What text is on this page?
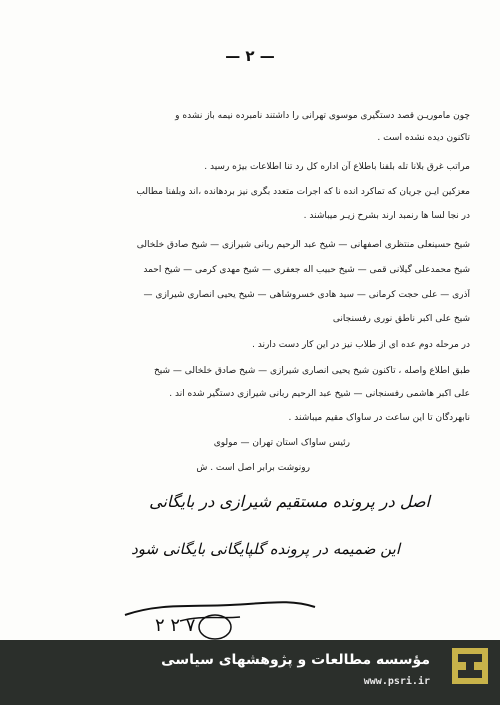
— ۲ —
چون ماموریـن قصد دستگیری موسوی تهرانی را داشتند نامبرده نیمه باز نشده و
تاکنون دیده نشده است .
مراتب غرق بلانا تله بلفنا باطلاع آن اداره کل رد تنا اطلاعات بیژه رسید .
معزکین ایـن جریان که تماکرد انده نا که اجرات متعدد بگری نیز بردهانده ،اند وبلفنا مطالب
در نجا لسا ها رنمبد ارند بشرح زیـر میباشند .
شیخ حسینعلی منتظری اصفهانی — شیخ عبد الرحیم ربانی شیرازی — شیخ صادق خلخالی
شیخ محمدعلی گیلانی قمی — شیخ حبیب اله جعفری — شیخ مهدی کرمی — شیخ احمد
آذری — علی حجت کرمانی — سید هادی خسروشاهی — شیخ یحیی انصاری شیرازی —
شیخ علی اکبر ناطق نوری رفسنجانی
در مرحله دوم عده ای از طلاب نیز در این کار دست دارند .
طبق اطلاع واصله ، تاکنون شیخ یحیی انصاری شیرازی — شیخ صادق خلخالی — شیخ
علی اکبر هاشمی رفسنجانی — شیخ عبد الرحیم ربانی شیرازی دستگیر شده اند .
نابهردگان تا این ساعت در ساواک مقیم میباشند .
رئیس ساواک استان تهران — مولوی
رونوشت برابر اصل است . ش
اصل در پرونده مستقیم شیرازی در بایگانی
این ضمیمه در پرونده گلپایگانی بایگانی شود
۲ ۲ ۷
مؤسسه مطالعات و پژوهشهای سیاسی
www.psri.ir
